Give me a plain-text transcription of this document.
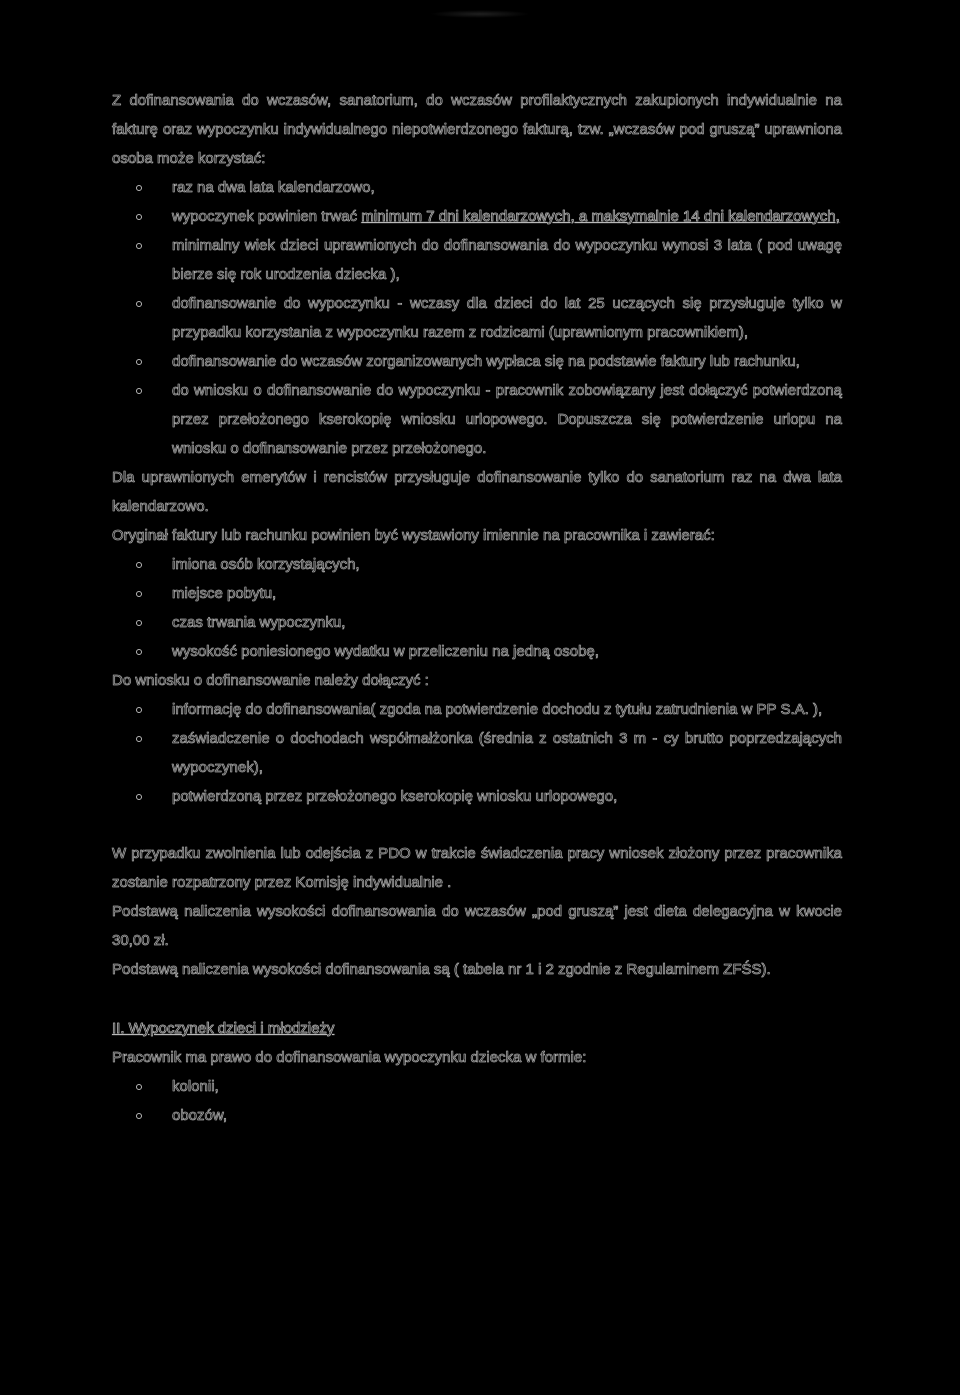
Z dofinansowania do wczasów, sanatorium, do wczasów profilaktycznych zakupionych indywidualnie na fakturę oraz wypoczynku indywidualnego niepotwierdzonego fakturą, tzw. „wczasów pod gruszą” uprawniona osoba może korzystać:

raz na dwa lata kalendarzowo,
wypoczynek powinien trwać minimum 7 dni kalendarzowych, a maksymalnie 14 dni kalendarzowych,
minimalny wiek dzieci uprawnionych do dofinansowania do wypoczynku wynosi 3 lata ( pod uwagę bierze się rok urodzenia dziecka ),
dofinansowanie do wypoczynku - wczasy dla dzieci do lat 25 uczących się przysługuje tylko w przypadku korzystania z wypoczynku razem z rodzicami (uprawnionym pracownikiem),
dofinansowanie do wczasów zorganizowanych wypłaca się na podstawie faktury lub rachunku,
do wniosku o dofinansowanie do wypoczynku - pracownik zobowiązany jest dołączyć potwierdzoną przez przełożonego kserokopię wniosku urlopowego. Dopuszcza się potwierdzenie urlopu na wniosku o dofinansowanie przez przełożonego.

Dla uprawnionych emerytów i rencistów przysługuje dofinansowanie tylko do sanatorium raz na dwa lata kalendarzowo.

Oryginał faktury lub rachunku powinien być wystawiony imiennie na pracownika i zawierać:

imiona osób korzystających,
miejsce pobytu,
czas trwania wypoczynku,
wysokość poniesionego wydatku w przeliczeniu na jedną osobę,

Do wniosku o dofinansowanie należy dołączyć :

informację do dofinansowania( zgoda na potwierdzenie dochodu z tytułu zatrudnienia w PP S.A. ),
zaświadczenie o dochodach współmałżonka (średnia z ostatnich 3 m - cy brutto poprzedzających wypoczynek),
potwierdzoną przez przełożonego kserokopię wniosku urlopowego,

W przypadku zwolnienia lub odejścia z PDO w trakcie świadczenia pracy wniosek złożony przez pracownika zostanie rozpatrzony przez Komisję indywidualnie .

Podstawą naliczenia wysokości dofinansowania do wczasów „pod gruszą” jest dieta delegacyjna w kwocie 30,00 zł.

Podstawą naliczenia wysokości dofinansowania są ( tabela nr 1 i 2 zgodnie z Regulaminem ZFŚS).

II. Wypoczynek dzieci i młodzieży

Pracownik ma prawo do dofinansowania wypoczynku dziecka w formie:

kolonii,
obozów,
